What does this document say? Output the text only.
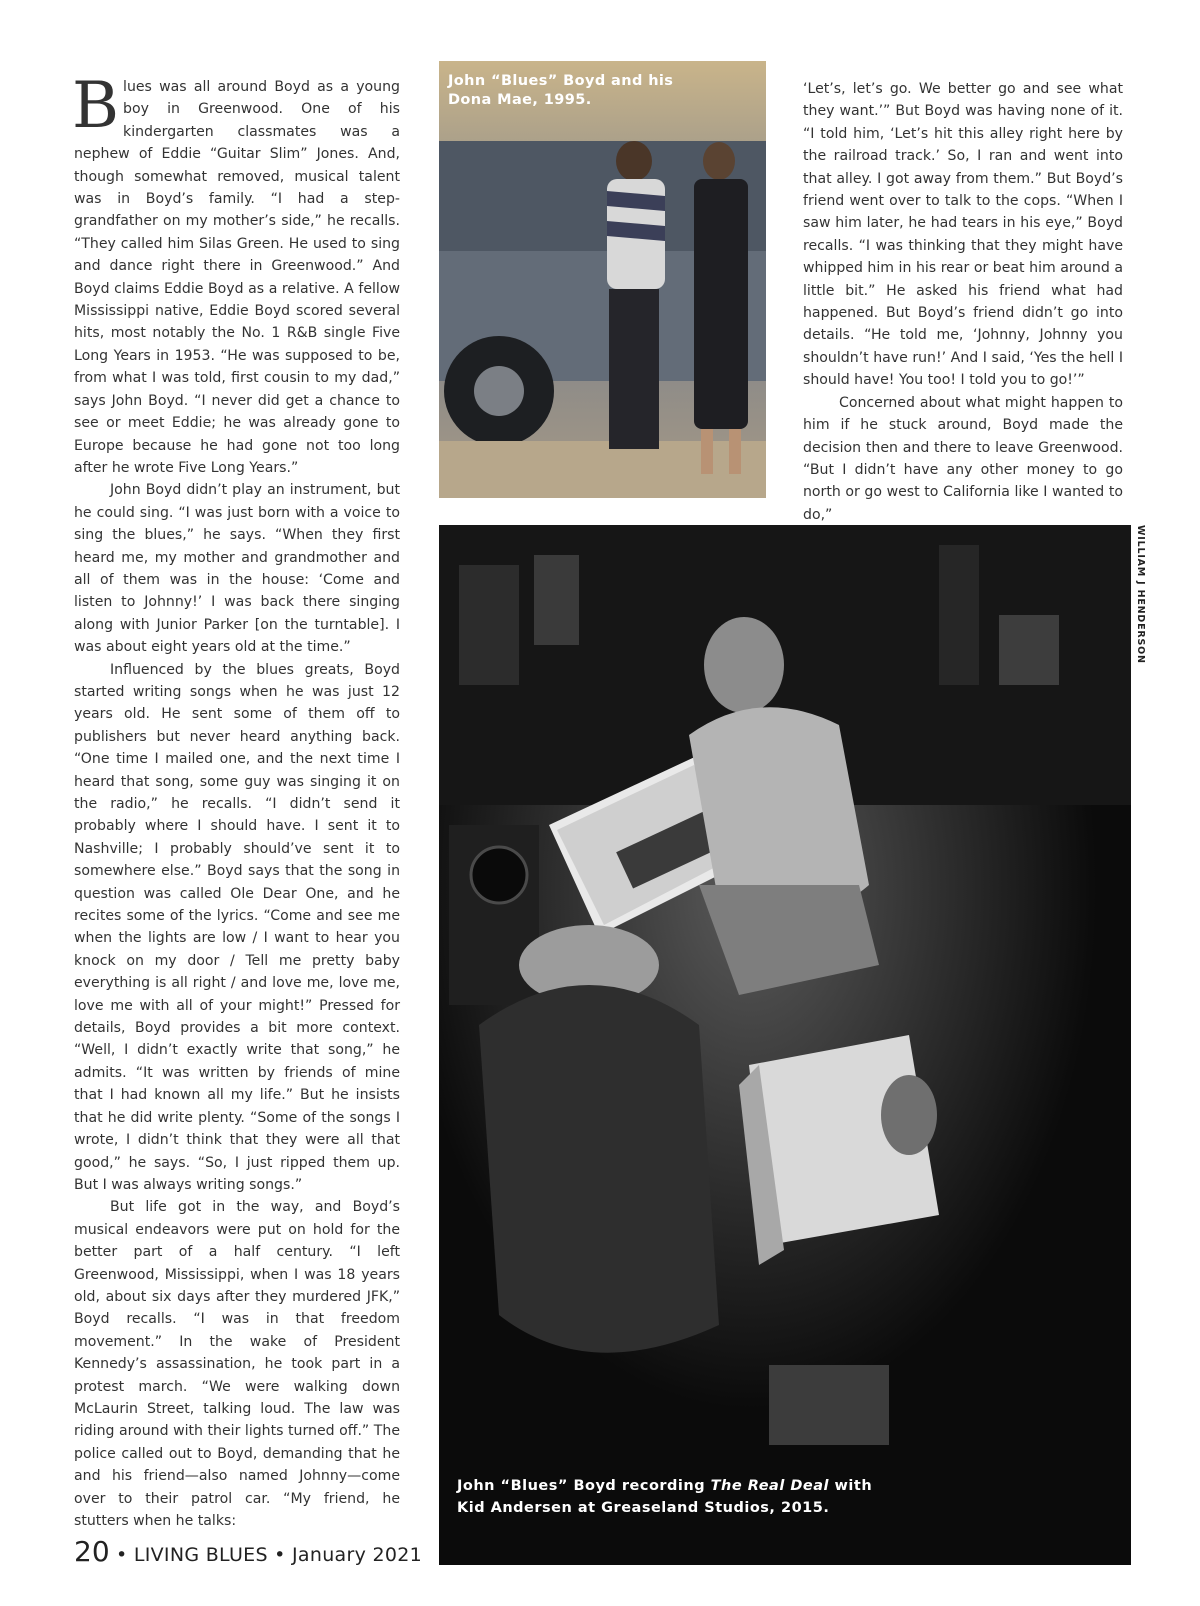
Blues was all around Boyd as a young boy in Greenwood. One of his kindergarten classmates was a nephew of Eddie “Guitar Slim” Jones. And, though somewhat removed, musical talent was in Boyd’s family. “I had a step-grandfather on my mother’s side,” he recalls. “They called him Silas Green. He used to sing and dance right there in Greenwood.” And Boyd claims Eddie Boyd as a relative. A fellow Mississippi native, Eddie Boyd scored several hits, most notably the No. 1 R&B single Five Long Years in 1953. “He was supposed to be, from what I was told, first cousin to my dad,” says John Boyd. “I never did get a chance to see or meet Eddie; he was already gone to Europe because he had gone not too long after he wrote Five Long Years.”

John Boyd didn’t play an instrument, but he could sing. “I was just born with a voice to sing the blues,” he says. “When they first heard me, my mother and grandmother and all of them was in the house: ‘Come and listen to Johnny!’ I was back there singing along with Junior Parker [on the turntable]. I was about eight years old at the time.”

Influenced by the blues greats, Boyd started writing songs when he was just 12 years old. He sent some of them off to publishers but never heard anything back. “One time I mailed one, and the next time I heard that song, some guy was singing it on the radio,” he recalls. “I didn’t send it probably where I should have. I sent it to Nashville; I probably should’ve sent it to somewhere else.” Boyd says that the song in question was called Ole Dear One, and he recites some of the lyrics. “Come and see me when the lights are low / I want to hear you knock on my door / Tell me pretty baby everything is all right / and love me, love me, love me with all of your might!” Pressed for details, Boyd provides a bit more context. “Well, I didn’t exactly write that song,” he admits. “It was written by friends of mine that I had known all my life.” But he insists that he did write plenty. “Some of the songs I wrote, I didn’t think that they were all that good,” he says. “So, I just ripped them up. But I was always writing songs.”

But life got in the way, and Boyd’s musical endeavors were put on hold for the better part of a half century. “I left Greenwood, Mississippi, when I was 18 years old, about six days after they murdered JFK,” Boyd recalls. “I was in that freedom movement.” In the wake of President Kennedy’s assassination, he took part in a protest march. “We were walking down McLaurin Street, talking loud. The law was riding around with their lights turned off.” The police called out to Boyd, demanding that he and his friend—also named Johnny—come over to their patrol car. “My friend, he stutters when he talks:

John “Blues” Boyd and his
Dona Mae, 1995.

‘Let’s, let’s go. We better go and see what they want.’” But Boyd was having none of it. “I told him, ‘Let’s hit this alley right here by the railroad track.’ So, I ran and went into that alley. I got away from them.” But Boyd’s friend went over to talk to the cops. “When I saw him later, he had tears in his eye,” Boyd recalls. “I was thinking that they might have whipped him in his rear or beat him around a little bit.” He asked his friend what had happened. But Boyd’s friend didn’t go into details. “He told me, ‘Johnny, Johnny you shouldn’t have run!’ And I said, ‘Yes the hell I should have! You too! I told you to go!’”

Concerned about what might happen to him if he stuck around, Boyd made the decision then and there to leave Greenwood. “But I didn’t have any other money to go north or go west to California like I wanted to do,”

John “Blues” Boyd recording The Real Deal with
Kid Andersen at Greaseland Studios, 2015.
WILLIAM J HENDERSON
20 • LIVING BLUES • January 2021
